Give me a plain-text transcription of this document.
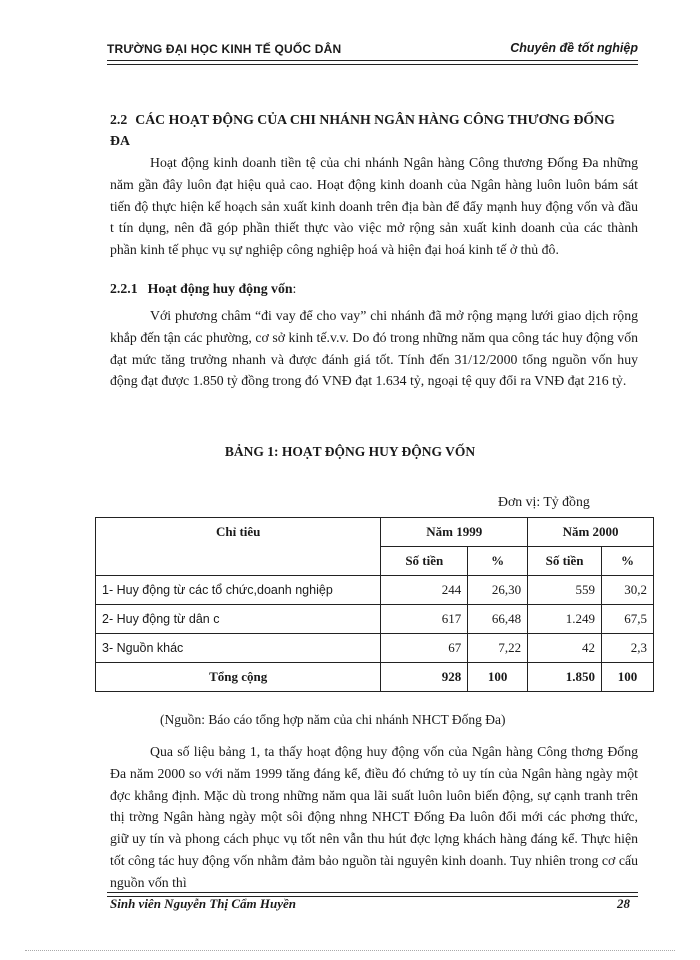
TRƯỜNG ĐẠI HỌC KINH TẾ QUỐC DÂN	Chuyên đề tốt nghiệp

2.2 CÁC HOẠT ĐỘNG CỦA CHI NHÁNH NGÂN HÀNG CÔNG THƯƠNG ĐỐNG ĐA

Hoạt động kinh doanh tiền tệ của chi nhánh Ngân hàng Công thương Đống Đa những năm gần đây luôn đạt hiệu quả cao. Hoạt động kinh doanh của Ngân hàng luôn luôn bám sát tiến độ thực hiện kế hoạch sản xuất kinh doanh trên địa bàn để đẩy mạnh huy động vốn và đầu t tín dụng, nên đã góp phần thiết thực vào việc mở rộng sản xuất kinh doanh của các thành phần kinh tế phục vụ sự nghiệp công nghiệp hoá và hiện đại hoá kinh tế ở thủ đô.

2.2.1 Hoạt động huy động vốn:

Với phương châm “đi vay để cho vay” chi nhánh đã mở rộng mạng lưới giao dịch rộng khắp đến tận các phường, cơ sở kinh tế.v.v. Do đó trong những năm qua công tác huy động vốn đạt mức tăng trưởng nhanh và được đánh giá tốt. Tính đến 31/12/2000 tổng nguồn vốn huy động đạt được 1.850 tỷ đồng trong đó VNĐ đạt 1.634 tỷ, ngoại tệ quy đổi ra VNĐ đạt 216 tỷ.

BẢNG 1: HOẠT ĐỘNG HUY ĐỘNG VỐN

Đơn vị: Tỷ đồng
Chỉ tiêu	Năm 1999		Năm 2000	
	Số tiền	%	Số tiền	%
1- Huy động từ các tổ chức,doanh nghiệp	244	26,30	559	30,2
2- Huy động từ dân c	617	66,48	1.249	67,5
3- Nguồn khác	67	7,22	42	2,3
Tổng cộng	928	100	1.850	100

(Nguồn: Báo cáo tổng hợp năm của chi nhánh NHCT Đống Đa)

Qua số liệu bảng 1, ta thấy hoạt động huy động vốn của Ngân hàng Công thơng Đống Đa năm 2000 so với năm 1999 tăng đáng kể, điều đó chứng tỏ uy tín của Ngân hàng ngày một đợc khẳng định. Mặc dù trong những năm qua lãi suất luôn luôn biến động, sự cạnh tranh trên thị trờng Ngân hàng ngày một sôi động nhng NHCT Đống Đa luôn đổi mới các phơng thức, giữ uy tín và phong cách phục vụ tốt nên vẫn thu hút đợc lợng khách hàng đáng kể. Thực hiện tốt công tác huy động vốn nhằm đảm bảo nguồn tài nguyên kinh doanh. Tuy nhiên trong cơ cấu nguồn vốn thì

Sinh viên Nguyễn Thị Cẩm Huyền	28
